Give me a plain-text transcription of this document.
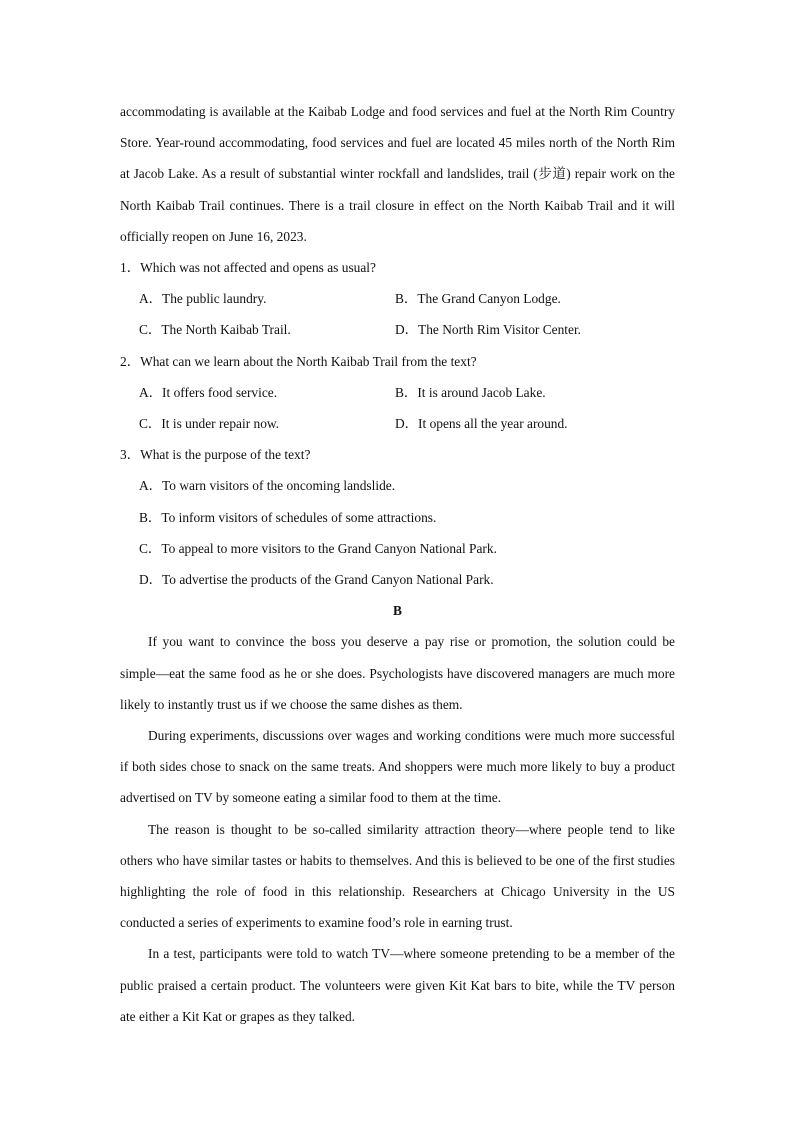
accommodating is available at the Kaibab Lodge and food services and fuel at the North Rim Country Store. Year-round accommodating, food services and fuel are located 45 miles north of the North Rim at Jacob Lake. As a result of substantial winter rockfall and landslides, trail (步道) repair work on the North Kaibab Trail continues. There is a trail closure in effect on the North Kaibab Trail and it will officially reopen on June 16, 2023.

1．Which was not affected and opens as usual?

A．The public laundry.	B．The Grand Canyon Lodge.
C．The North Kaibab Trail.	D．The North Rim Visitor Center.

2．What can we learn about the North Kaibab Trail from the text?

A．It offers food service.	B．It is around Jacob Lake.
C．It is under repair now.	D．It opens all the year around.

3．What is the purpose of the text?

A．To warn visitors of the oncoming landslide.
B．To inform visitors of schedules of some attractions.
C．To appeal to more visitors to the Grand Canyon National Park.
D．To advertise the products of the Grand Canyon National Park.

B

If you want to convince the boss you deserve a pay rise or promotion, the solution could be simple—eat the same food as he or she does. Psychologists have discovered managers are much more likely to instantly trust us if we choose the same dishes as them.

During experiments, discussions over wages and working conditions were much more successful if both sides chose to snack on the same treats. And shoppers were much more likely to buy a product advertised on TV by someone eating a similar food to them at the time.

The reason is thought to be so-called similarity attraction theory—where people tend to like others who have similar tastes or habits to themselves. And this is believed to be one of the first studies highlighting the role of food in this relationship. Researchers at Chicago University in the US conducted a series of experiments to examine food’s role in earning trust.

In a test, participants were told to watch TV—where someone pretending to be a member of the public praised a certain product. The volunteers were given Kit Kat bars to bite, while the TV person ate either a Kit Kat or grapes as they talked.
